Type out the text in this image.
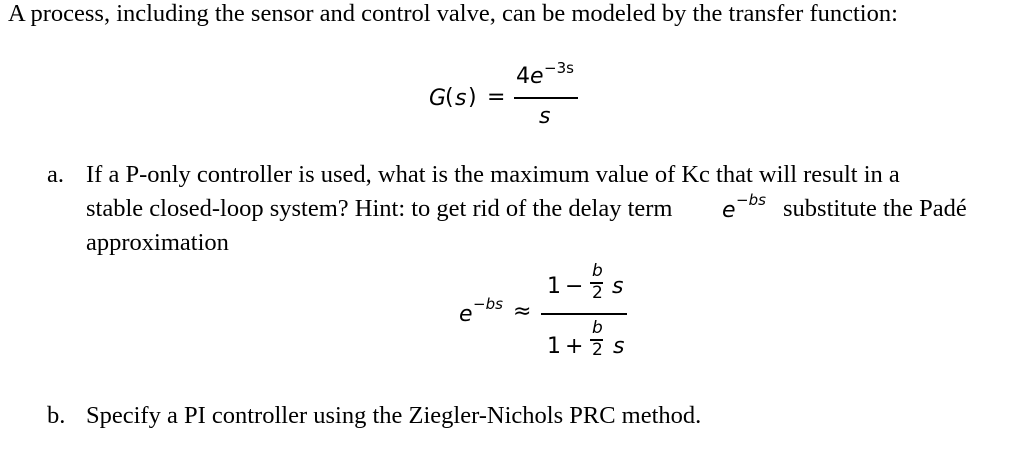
A process, including the sensor and control valve, can be modeled by the transfer function:
G
( s ) =
4 e −3s
s
a. If a P-only controller is used, what is the maximum value of Kc that will result in a
stable closed-loop system? Hint: to get rid of the delay term e −bs substitute the Padé
approximation
e −bs ≈
1 −
b
2 s
1 +
b
2 s
b. Specify a PI controller using the Ziegler-Nichols PRC method.
